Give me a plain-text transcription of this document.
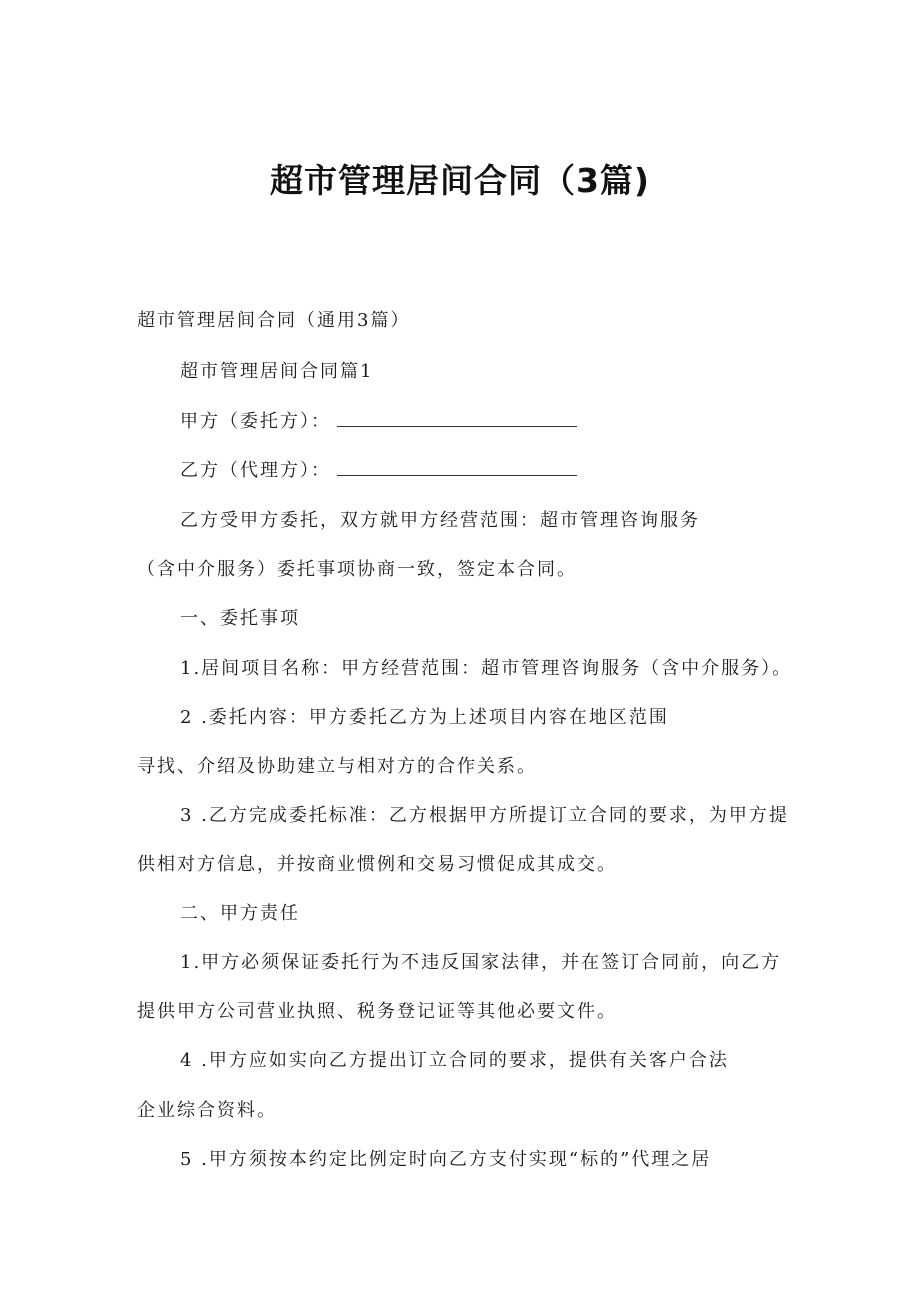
超市管理居间合同（3篇)
超市管理居间合同（通用3篇）
超市管理居间合同篇1
甲方（委托方）：
乙方（代理方）：
乙方受甲方委托，双方就甲方经营范围：超市管理咨询服务
（含中介服务）委托事项协商一致，签定本合同。
一、委托事项
1.居间项目名称：甲方经营范围：超市管理咨询服务（含中介服务）。
2 .委托内容：甲方委托乙方为上述项目内容在地区范围
寻找、介绍及协助建立与相对方的合作关系。
3 .乙方完成委托标准：乙方根据甲方所提订立合同的要求，为甲方提
供相对方信息，并按商业惯例和交易习惯促成其成交。
二、甲方责任
1.甲方必须保证委托行为不违反国家法律，并在签订合同前，向乙方
提供甲方公司营业执照、税务登记证等其他必要文件。
4 .甲方应如实向乙方提出订立合同的要求，提供有关客户合法
企业综合资料。
5 .甲方须按本约定比例定时向乙方支付实现“标的”代理之居
